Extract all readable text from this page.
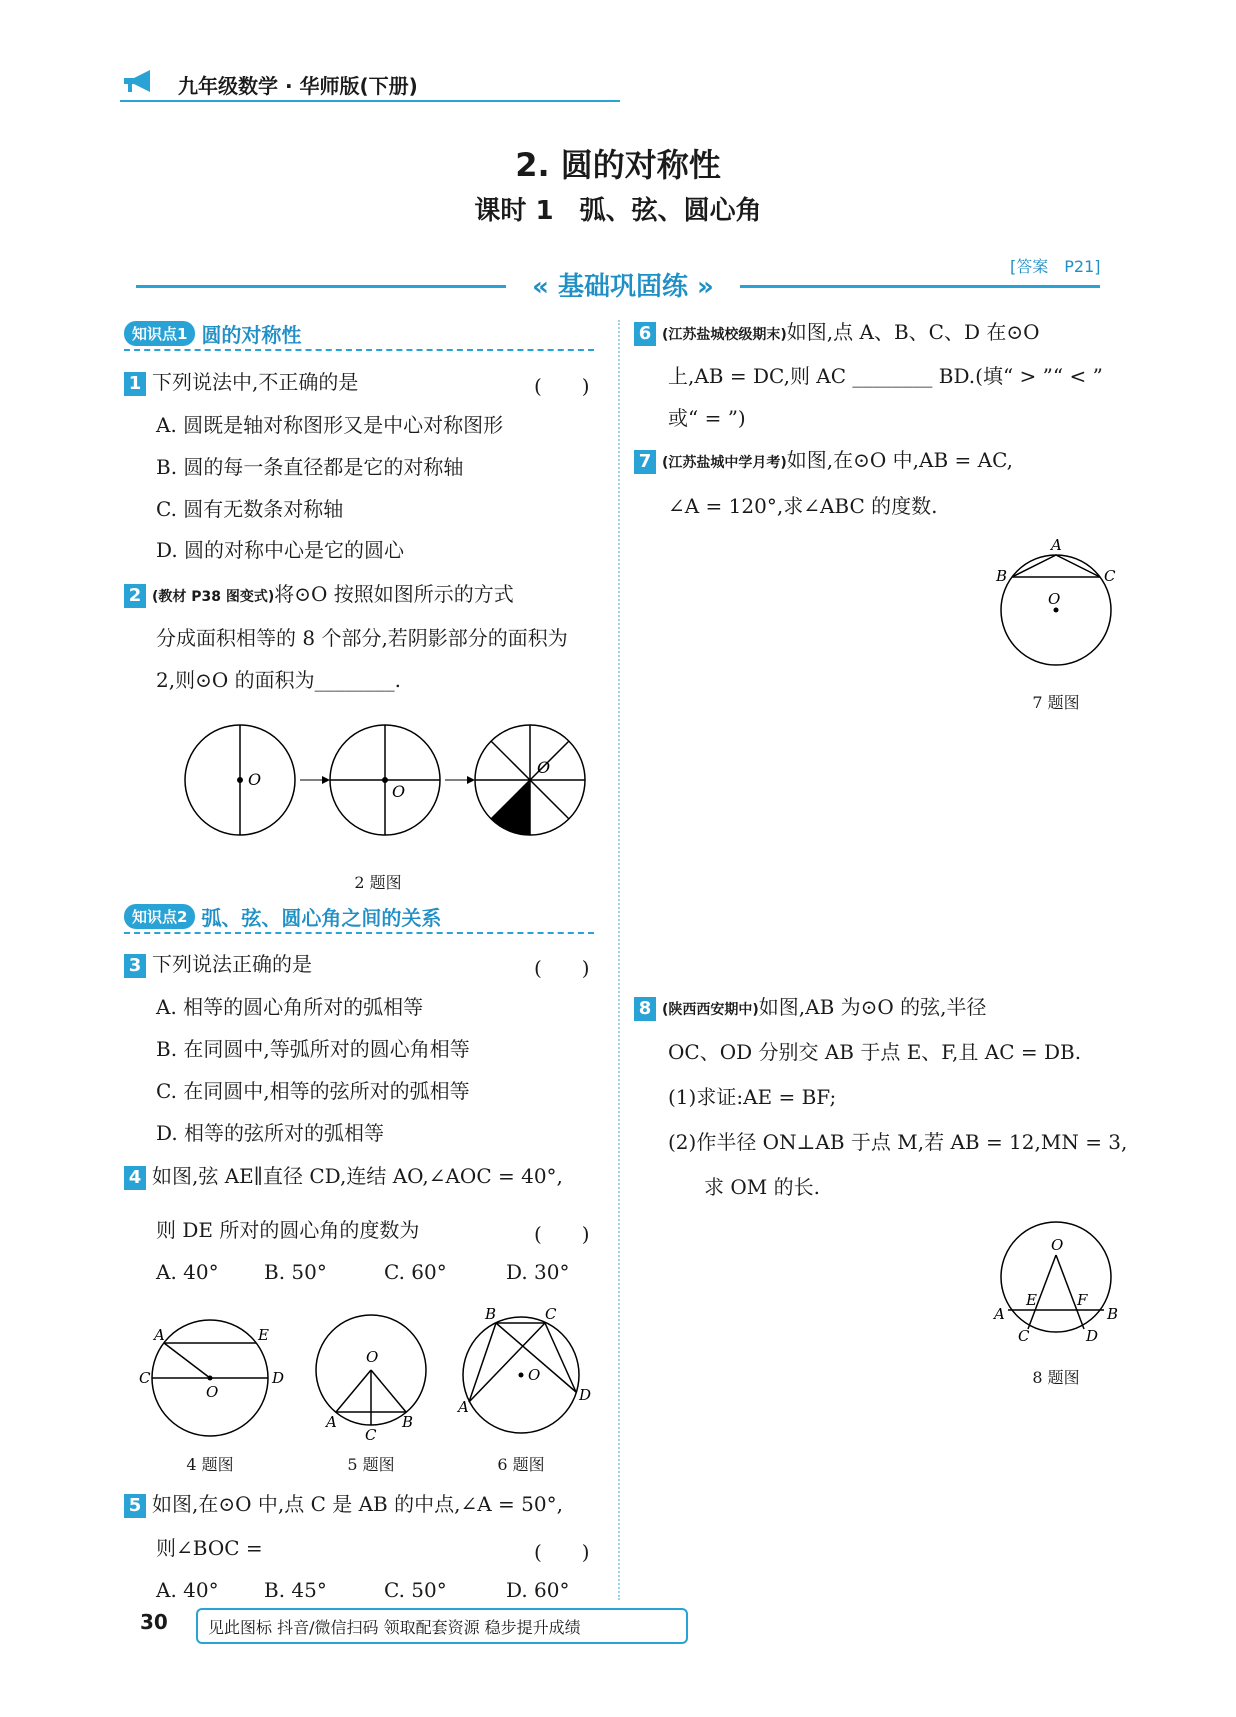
九年级数学 · 华师版(下册)
2. 圆的对称性
课时 1　弧、弦、圆心角
[答案　P21]
« 基础巩固练 »
知识点1 圆的对称性
1 下列说法中,不正确的是	(　　)
A. 圆既是轴对称图形又是中心对称图形
B. 圆的每一条直径都是它的对称轴
C. 圆有无数条对称轴
D. 圆的对称中心是它的圆心
2 (教材 P38 图变式)将⊙O 按照如图所示的方式
分成面积相等的 8 个部分,若阴影部分的面积为
2,则⊙O 的面积为________.
O
O
O
2 题图
知识点2 弧、弦、圆心角之间的关系
3 下列说法正确的是	(　　)
A. 相等的圆心角所对的弧相等
B. 在同圆中,等弧所对的圆心角相等
C. 在同圆中,相等的弦所对的弧相等
D. 相等的弦所对的弧相等
4 如图,弦 AE∥直径 CD,连结 AO,∠AOC = 40°,
则 DE 所对的圆心角的度数为	(　　)
A. 40° B. 50°	C. 60°	D. 30°
A	E
C	D
O
O
A	B
C
O
B	C
A
D
4 题图	5 题图	6 题图
5 如图,在⊙O 中,点 C 是 AB 的中点,∠A = 50°,
则∠BOC =	(　　)
A. 40° B. 45°	C. 50°	D. 60°
6 (江苏盐城校级期末)如图,点 A、B、C、D 在⊙O
上,AB = DC,则 AC ________ BD.(填“ > ”“ < ”
或“ = ”)
7 (江苏盐城中学月考)如图,在⊙O 中,AB = AC,
∠A = 120°,求∠ABC 的度数.
A
B	C
O
7 题图
8 (陕西西安期中)如图,AB 为⊙O 的弦,半径
OC、OD 分别交 AB 于点 E、F,且 AC = DB.
(1)求证:AE = BF;
(2)作半径 ON⊥AB 于点 M,若 AB = 12,MN = 3,
求 OM 的长.
O
A	B
E	F
C	D
8 题图
30	见此图标 抖音/微信扫码 领取配套资源 稳步提升成绩
